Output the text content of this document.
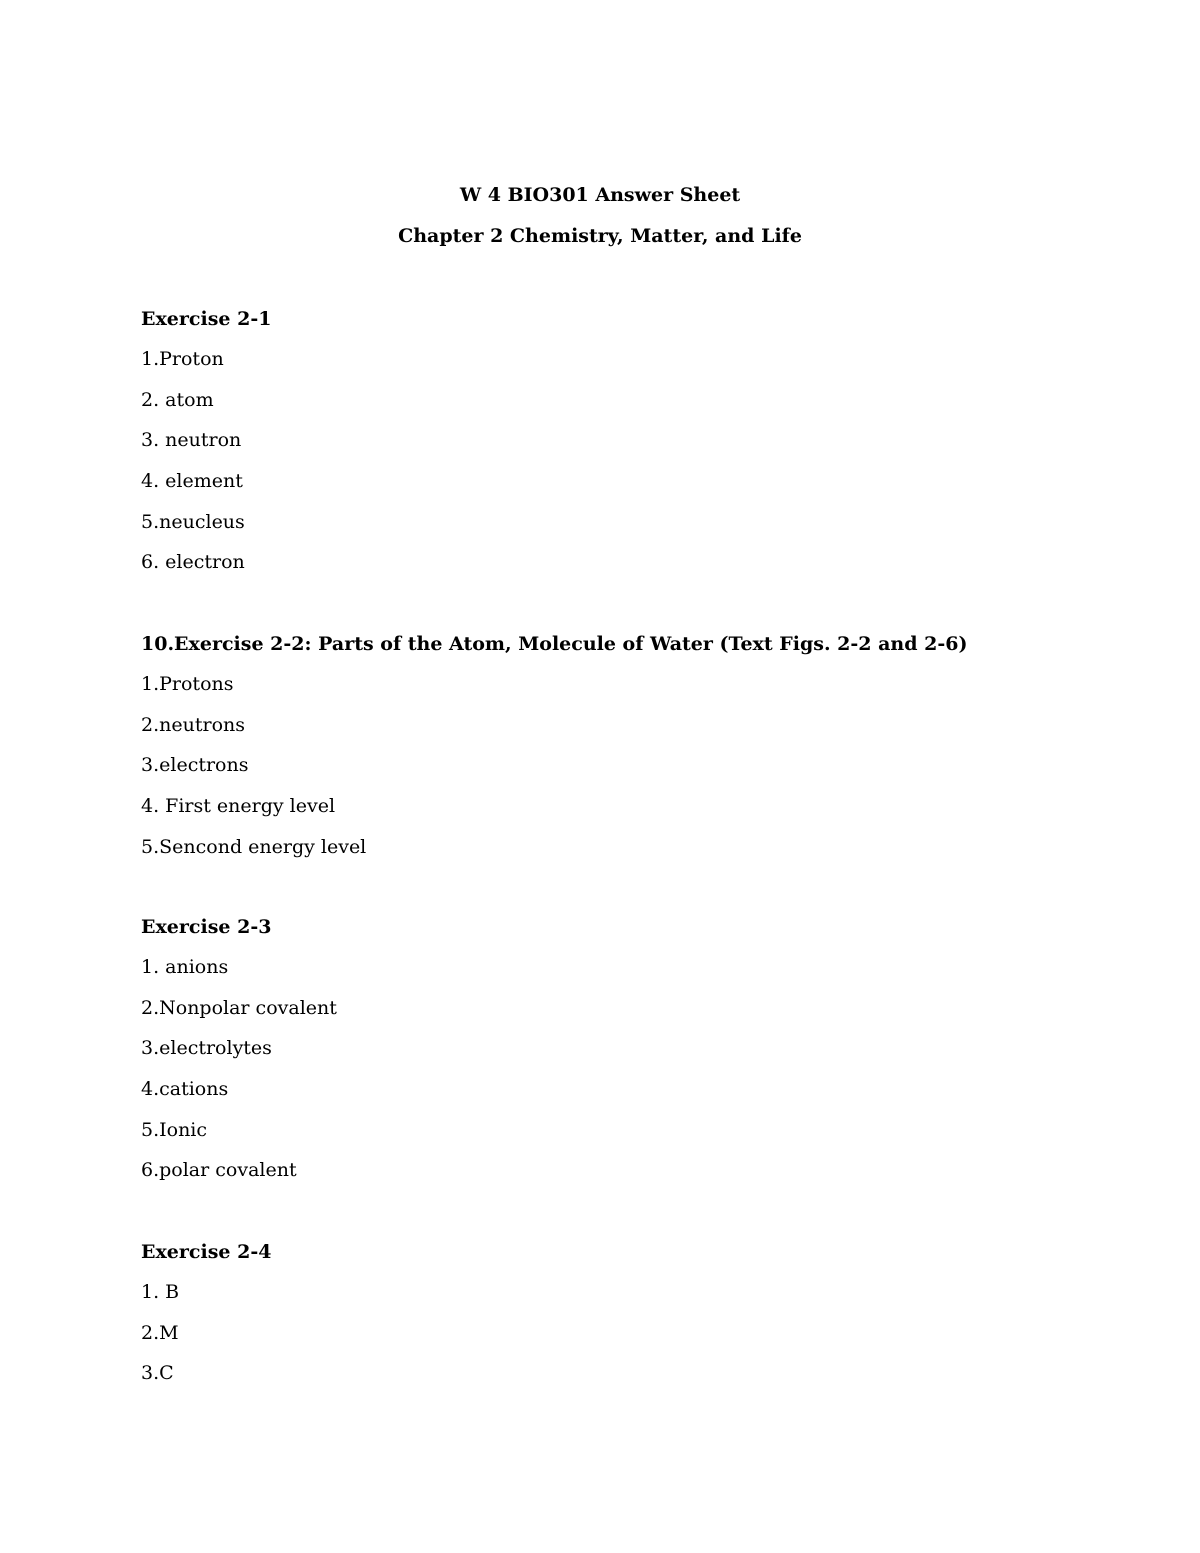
W 4 BIO301 Answer Sheet

Chapter 2 Chemistry, Matter, and Life

Exercise 2-1
1.Proton
2. atom
3. neutron
4. element
5.neucleus
6. electron
10.Exercise 2-2: Parts of the Atom, Molecule of Water (Text Figs. 2-2 and 2-6)
1.Protons
2.neutrons
3.electrons
4. First energy level
5.Sencond energy level
Exercise 2-3
1. anions
2.Nonpolar covalent
3.electrolytes
4.cations
5.Ionic
6.polar covalent
Exercise 2-4
1. B
2.M
3.C
